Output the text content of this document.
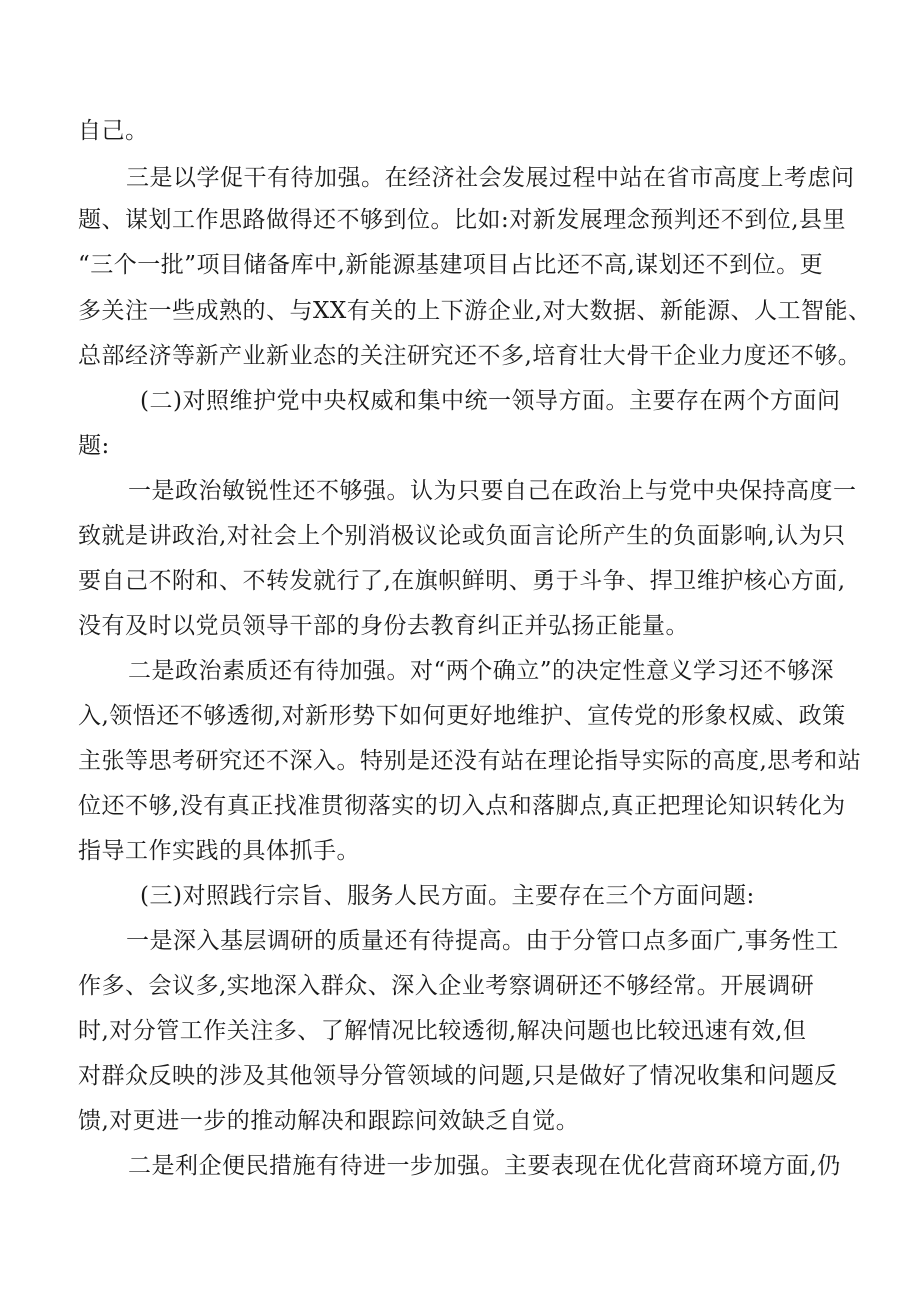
自己。
三是以学促干有待加强。在经济社会发展过程中站在省市高度上考虑问
题、谋划工作思路做得还不够到位。比如:对新发展理念预判还不到位,县里
“三个一批”项目储备库中,新能源基建项目占比还不高,谋划还不到位。更
多关注一些成熟的、与XX有关的上下游企业,对大数据、新能源、人工智能、
总部经济等新产业新业态的关注研究还不多,培育壮大骨干企业力度还不够。
(二)对照维护党中央权威和集中统一领导方面。主要存在两个方面问
题:
一是政治敏锐性还不够强。认为只要自己在政治上与党中央保持高度一
致就是讲政治,对社会上个别消极议论或负面言论所产生的负面影响,认为只
要自己不附和、不转发就行了,在旗帜鲜明、勇于斗争、捍卫维护核心方面,
没有及时以党员领导干部的身份去教育纠正并弘扬正能量。
二是政治素质还有待加强。对“两个确立”的决定性意义学习还不够深
入,领悟还不够透彻,对新形势下如何更好地维护、宣传党的形象权威、政策
主张等思考研究还不深入。特别是还没有站在理论指导实际的高度,思考和站
位还不够,没有真正找准贯彻落实的切入点和落脚点,真正把理论知识转化为
指导工作实践的具体抓手。
(三)对照践行宗旨、服务人民方面。主要存在三个方面问题:
一是深入基层调研的质量还有待提高。由于分管口点多面广,事务性工
作多、会议多,实地深入群众、深入企业考察调研还不够经常。开展调研
时,对分管工作关注多、了解情况比较透彻,解决问题也比较迅速有效,但
对群众反映的涉及其他领导分管领域的问题,只是做好了情况收集和问题反
馈,对更进一步的推动解决和跟踪问效缺乏自觉。
二是利企便民措施有待进一步加强。主要表现在优化营商环境方面,仍
